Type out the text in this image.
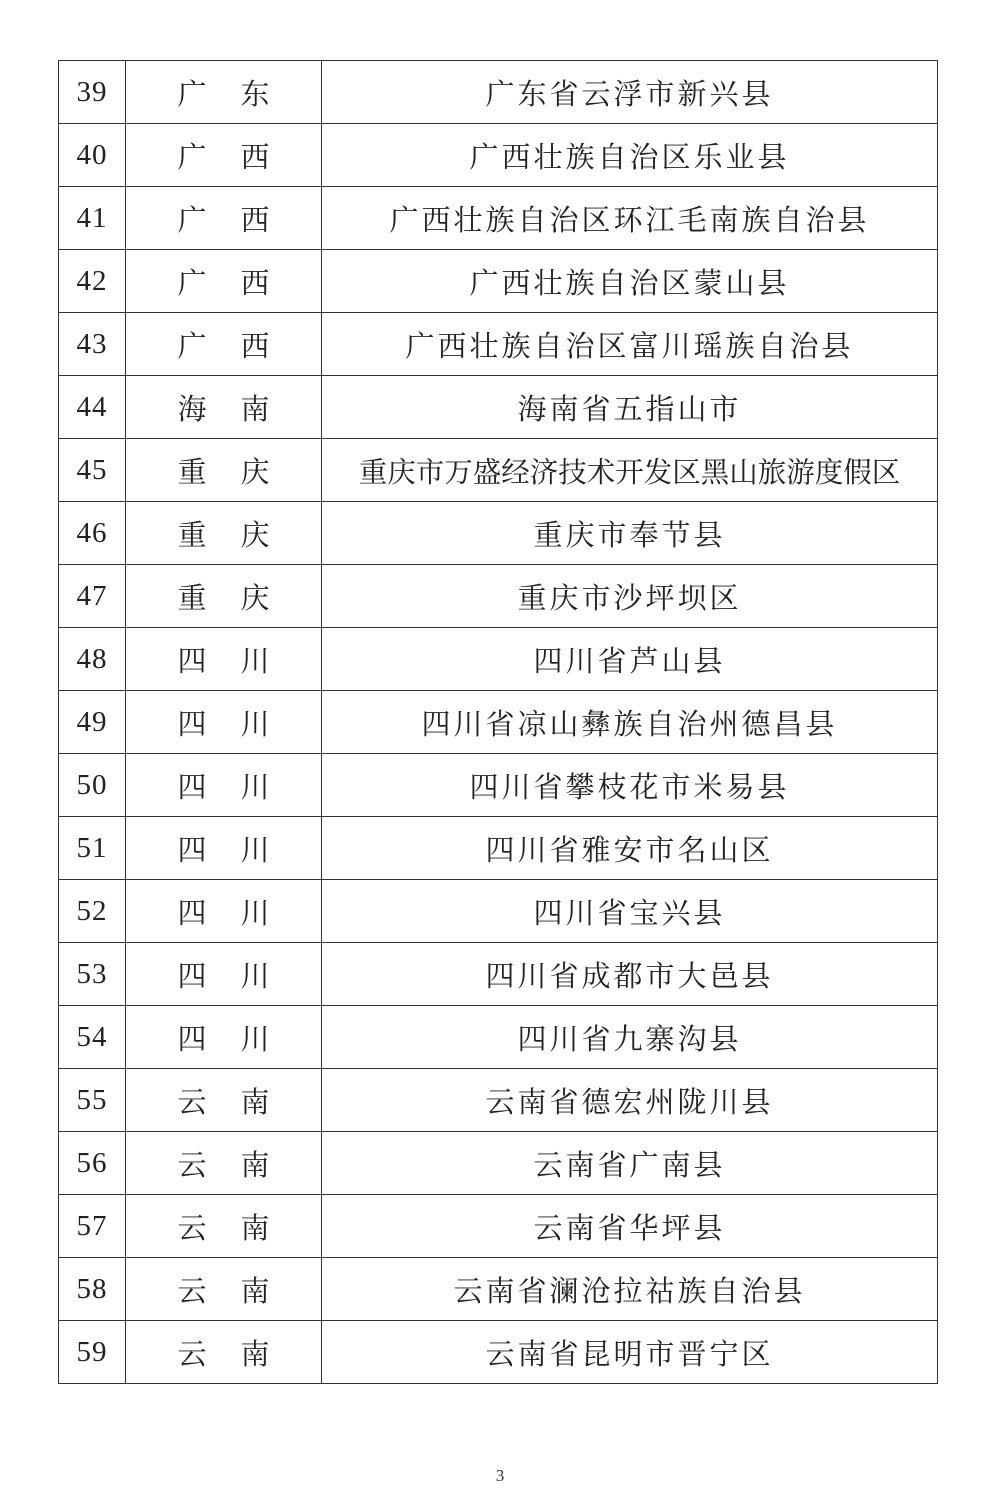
39	广东	广东省云浮市新兴县
40	广西	广西壮族自治区乐业县
41	广西	广西壮族自治区环江毛南族自治县
42	广西	广西壮族自治区蒙山县
43	广西	广西壮族自治区富川瑶族自治县
44	海南	海南省五指山市
45	重庆	重庆市万盛经济技术开发区黑山旅游度假区
46	重庆	重庆市奉节县
47	重庆	重庆市沙坪坝区
48	四川	四川省芦山县
49	四川	四川省凉山彝族自治州德昌县
50	四川	四川省攀枝花市米易县
51	四川	四川省雅安市名山区
52	四川	四川省宝兴县
53	四川	四川省成都市大邑县
54	四川	四川省九寨沟县
55	云南	云南省德宏州陇川县
56	云南	云南省广南县
57	云南	云南省华坪县
58	云南	云南省澜沧拉祜族自治县
59	云南	云南省昆明市晋宁区
3
